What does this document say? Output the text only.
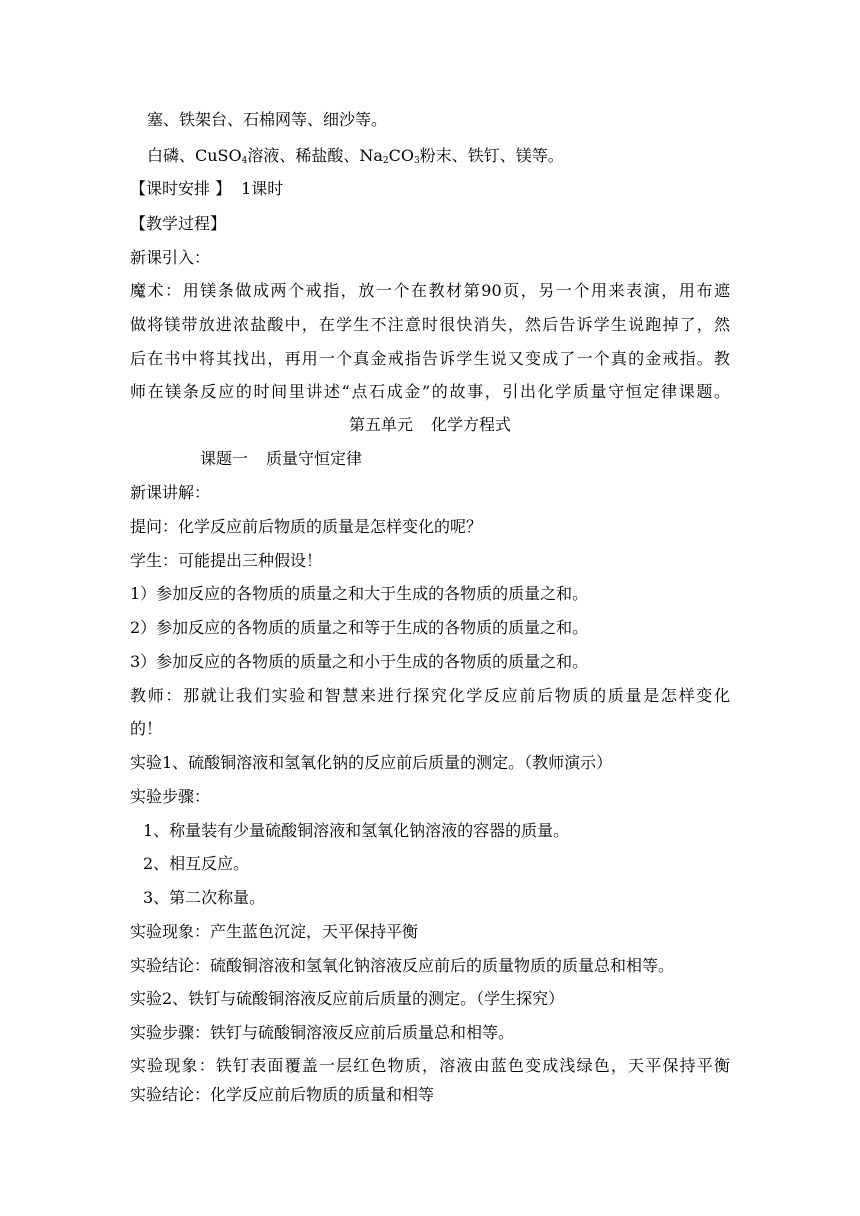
塞、铁架台、石棉网等、细沙等。
白磷、CuSO$_4$溶液、稀盐酸、$Na_2CO_3$粉末、铁钉、镁等。
【课时安排 】 1课时
【教学过程】
新课引入：
魔术：用镁条做成两个戒指，放一个在教材第90页，另一个用来表演，用布遮
做将镁带放进浓盐酸中，在学生不注意时很快消失，然后告诉学生说跑掉了，然
后在书中将其找出，再用一个真金戒指告诉学生说又变成了一个真的金戒指。教
师在镁条反应的时间里讲述“点石成金”的故事，引出化学质量守恒定律课题。
第五单元 化学方程式
课题一 质量守恒定律
新课讲解：
提问：化学反应前后物质的质量是怎样变化的呢？
学生：可能提出三种假设！
1）参加反应的各物质的质量之和大于生成的各物质的质量之和。
2）参加反应的各物质的质量之和等于生成的各物质的质量之和。
3）参加反应的各物质的质量之和小于生成的各物质的质量之和。
教师：那就让我们实验和智慧来进行探究化学反应前后物质的质量是怎样变化
的！
实验1、硫酸铜溶液和氢氧化钠的反应前后质量的测定。（教师演示）
实验步骤：
1、称量装有少量硫酸铜溶液和氢氧化钠溶液的容器的质量。
2、相互反应。
3、第二次称量。
实验现象：产生蓝色沉淀，天平保持平衡
实验结论：硫酸铜溶液和氢氧化钠溶液反应前后的质量物质的质量总和相等。
实验2、铁钉与硫酸铜溶液反应前后质量的测定。（学生探究）
实验步骤：铁钉与硫酸铜溶液反应前后质量总和相等。
实验现象：铁钉表面覆盖一层红色物质，溶液由蓝色变成浅绿色，天平保持平衡
实验结论：化学反应前后物质的质量和相等
